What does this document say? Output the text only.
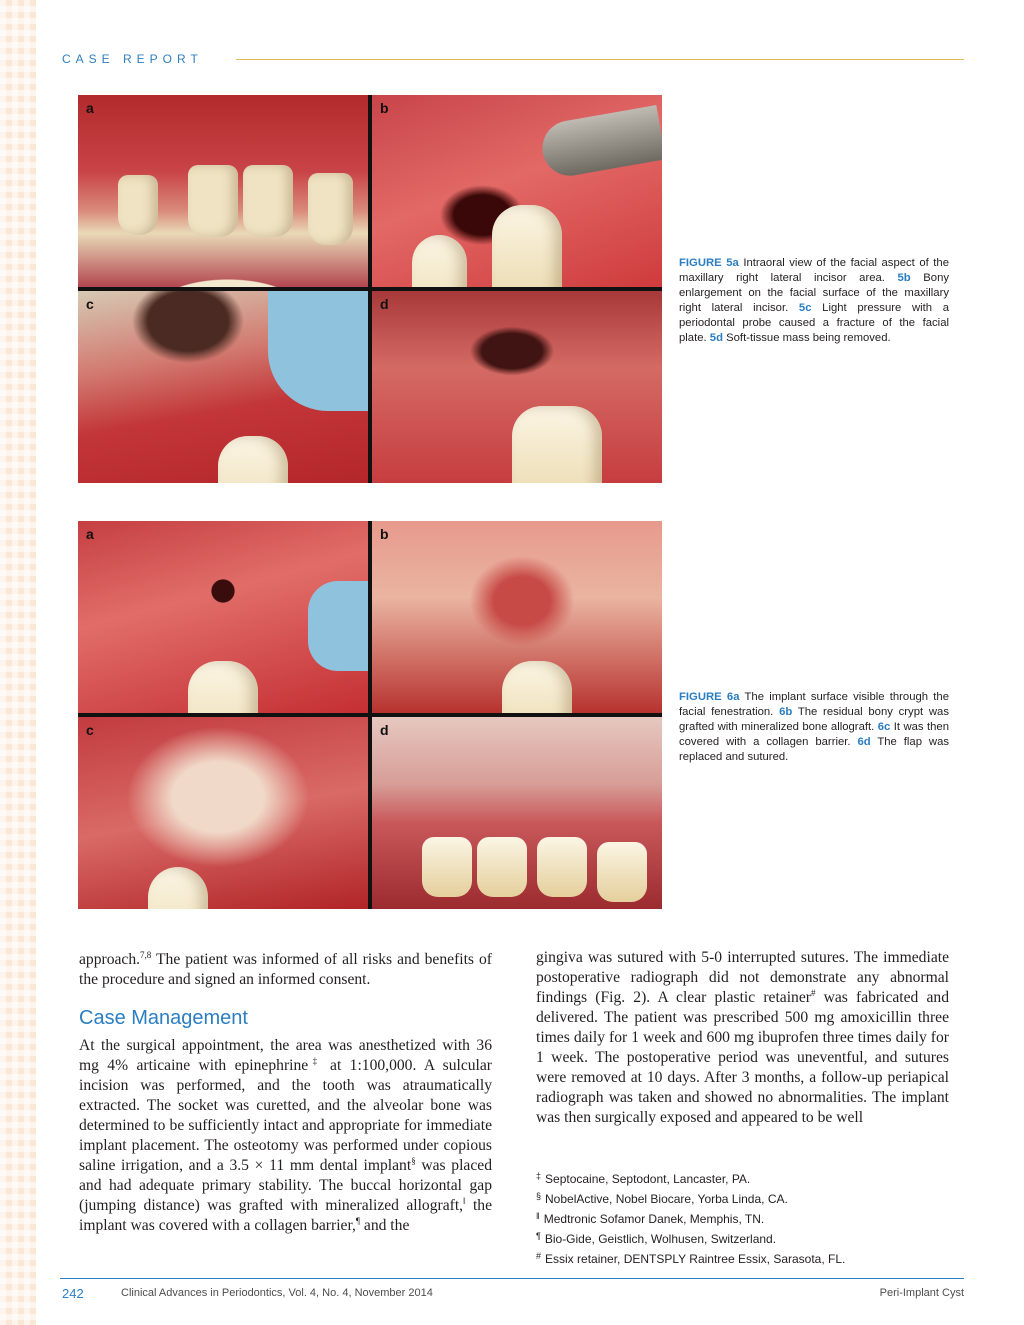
CASE REPORT
a	b
c	d
FIGURE 5a Intraoral view of the facial aspect of the maxillary right lateral incisor area. 5b Bony enlargement on the facial surface of the maxillary right lateral incisor. 5c Light pressure with a periodontal probe caused a fracture of the facial plate. 5d Soft-tissue mass being removed.
a	b
c	d
FIGURE 6a The implant surface visible through the facial fenestration. 6b The residual bony crypt was grafted with mineralized bone allograft. 6c It was then covered with a collagen barrier. 6d The flap was replaced and sutured.

approach.$^{7,8}$ The patient was informed of all risks and benefits of the procedure and signed an informed consent.

Case Management

At the surgical appointment, the area was anesthetized with 36 mg 4% articaine with epinephrine‡ at 1:100,000. A sulcular incision was performed, and the tooth was atraumatically extracted. The socket was curetted, and the alveolar bone was determined to be sufficiently intact and appropriate for immediate implant placement. The osteotomy was performed under copious saline irrigation, and a 3.5 × 11 mm dental implant§ was placed and had adequate primary stability. The buccal horizontal gap (jumping distance) was grafted with mineralized allograft,‖ the implant was covered with a collagen barrier,¶ and the

gingiva was sutured with 5-0 interrupted sutures. The immediate postoperative radiograph did not demonstrate any abnormal findings (Fig. 2). A clear plastic retainer# was fabricated and delivered. The patient was prescribed 500 mg amoxicillin three times daily for 1 week and 600 mg ibuprofen three times daily for 1 week. The postoperative period was uneventful, and sutures were removed at 10 days. After 3 months, a follow-up periapical radiograph was taken and showed no abnormalities. The implant was then surgically exposed and appeared to be well

‡ Septocaine, Septodont, Lancaster, PA.
§ NobelActive, Nobel Biocare, Yorba Linda, CA.
‖ Medtronic Sofamor Danek, Memphis, TN.
¶ Bio-Gide, Geistlich, Wolhusen, Switzerland.
# Essix retainer, DENTSPLY Raintree Essix, Sarasota, FL.
242	Clinical Advances in Periodontics, Vol. 4, No. 4, November 2014	Peri-Implant Cyst
